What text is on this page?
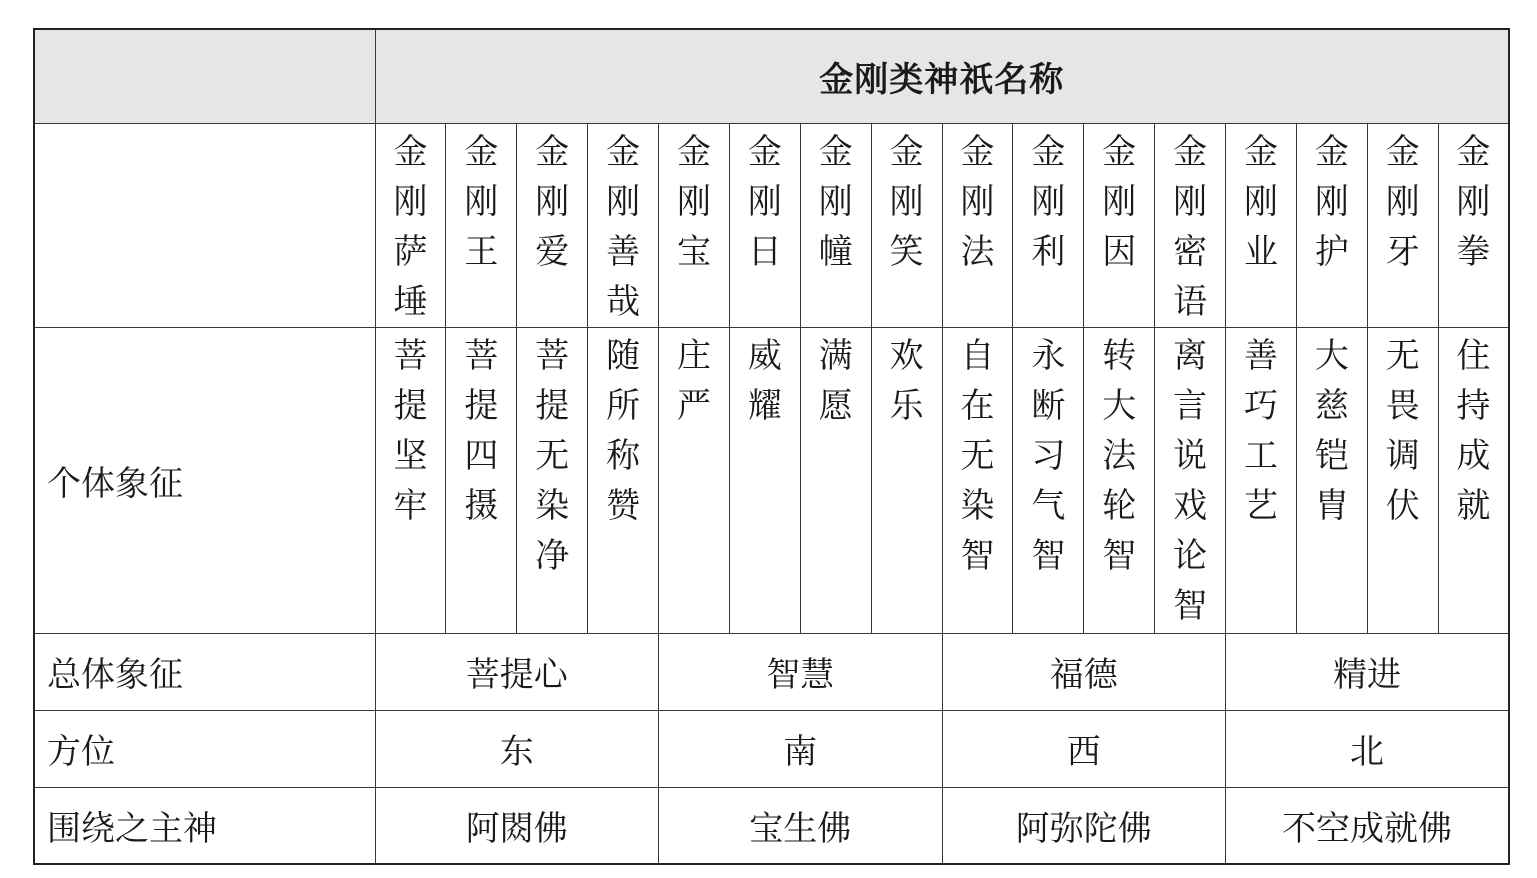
	金刚类神祇名称															
	金刚萨埵	金刚王	金刚爱	金刚善哉	金刚宝	金刚日	金刚幢	金刚笑	金刚法	金刚利	金刚因	金刚密语	金刚业	金刚护	金刚牙	金刚拳
个体象征	菩提坚牢	菩提四摄	菩提无染净	随所称赞	庄严	威耀	满愿	欢乐	自在无染智	永断习气智	转大法轮智	离言说戏论智	善巧工艺	大慈铠胄	无畏调伏	住持成就
总体象征	菩提心				智慧				福德				精进			
方位	东				南				西				北			
围绕之主神	阿閦佛				宝生佛				阿弥陀佛				不空成就佛			
